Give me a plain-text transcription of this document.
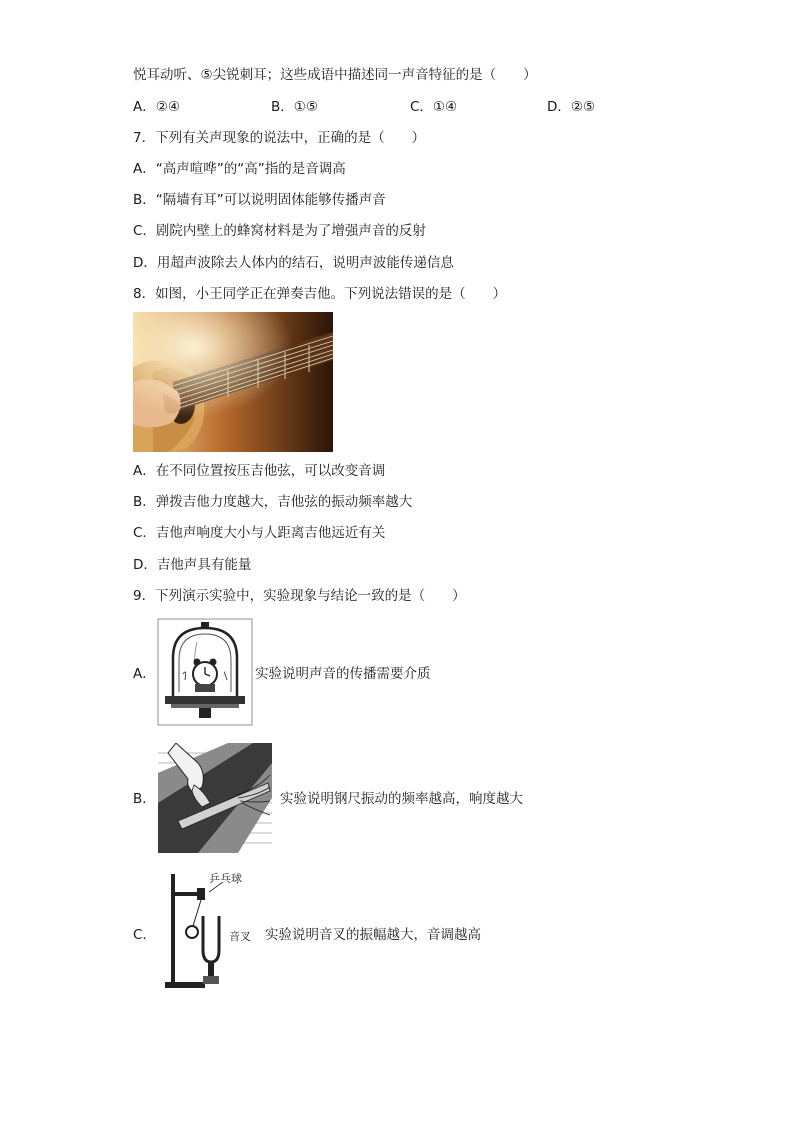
悦耳动听、⑤尖锐刺耳；这些成语中描述同一声音特征的是（　　）
A．②④	B．①⑤	C．①④	D．②⑤
7．下列有关声现象的说法中，正确的是（　　）
A．“高声喧哗”的“高”指的是音调高
B．“隔墙有耳”可以说明固体能够传播声音
C．剧院内壁上的蜂窝材料是为了增强声音的反射
D．用超声波除去人体内的结石，说明声波能传递信息
8．如图，小王同学正在弹奏吉他。下列说法错误的是（　　）
A．在不同位置按压吉他弦，可以改变音调
B．弹拨吉他力度越大，吉他弦的振动频率越大
C．吉他声响度大小与人距离吉他远近有关
D．吉他声具有能量
9．下列演示实验中，实验现象与结论一致的是（　　）
A．	实验说明声音的传播需要介质
B．	实验说明钢尺振动的频率越高，响度越大
C．
乒乓球
音叉 实验说明音叉的振幅越大，音调越高
